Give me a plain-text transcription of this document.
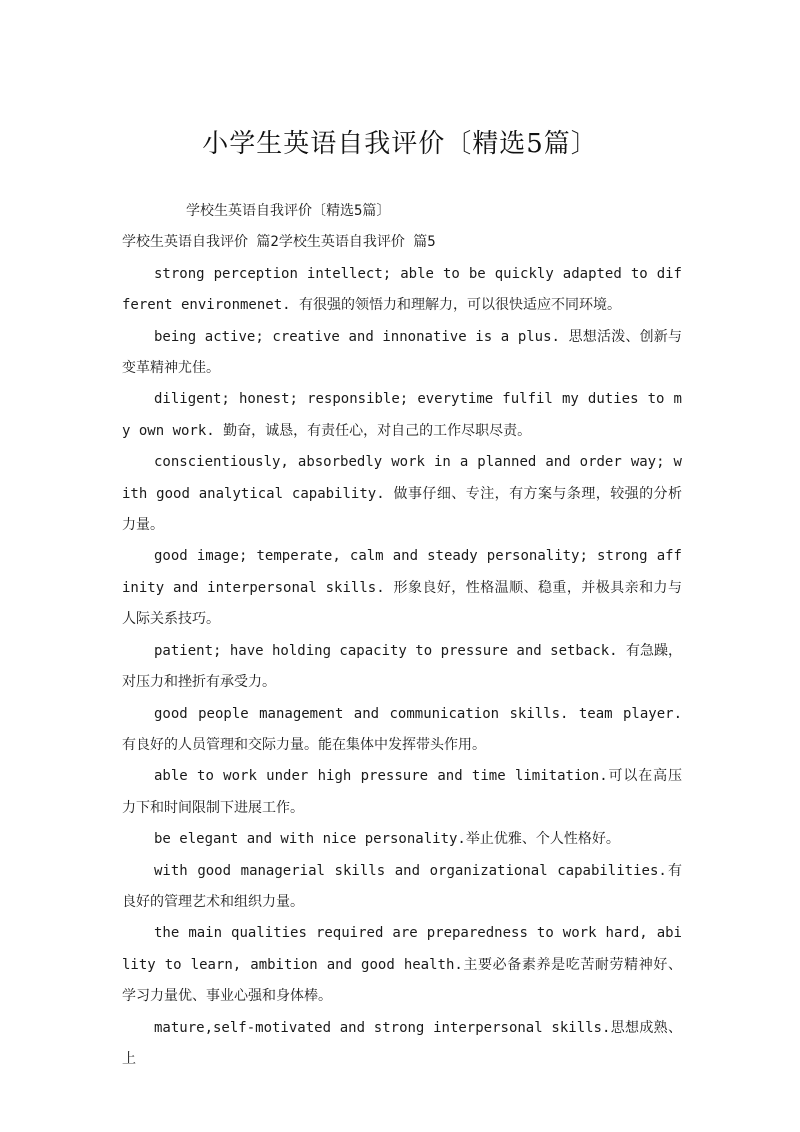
小学生英语自我评价〔精选5篇〕

学校生英语自我评价〔精选5篇〕

学校生英语自我评价 篇2学校生英语自我评价 篇5

strong perception intellect; able to be quickly adapted to different environmenet. 有很强的领悟力和理解力，可以很快适应不同环境。

being active; creative and innonative is a plus. 思想活泼、创新与变革精神尤佳。

diligent; honest; responsible; everytime fulfil my duties to my own work. 勤奋，诚恳，有责任心，对自己的工作尽职尽责。

conscientiously, absorbedly work in a planned and order way; with good analytical capability. 做事仔细、专注，有方案与条理，较强的分析力量。

good image; temperate, calm and steady personality; strong affinity and interpersonal skills. 形象良好，性格温顺、稳重，并极具亲和力与人际关系技巧。

patient; have holding capacity to pressure and setback. 有急躁，对压力和挫折有承受力。

good people management and communication skills. team player.有良好的人员管理和交际力量。能在集体中发挥带头作用。

able to work under high pressure and time limitation.可以在高压力下和时间限制下进展工作。

be elegant and with nice personality.举止优雅、个人性格好。

with good managerial skills and organizational capabilities.有良好的管理艺术和组织力量。

the main qualities required are preparedness to work hard, ability to learn, ambition and good health.主要必备素养是吃苦耐劳精神好、学习力量优、事业心强和身体棒。

mature,self-motivated and strong interpersonal skills.思想成熟、上
